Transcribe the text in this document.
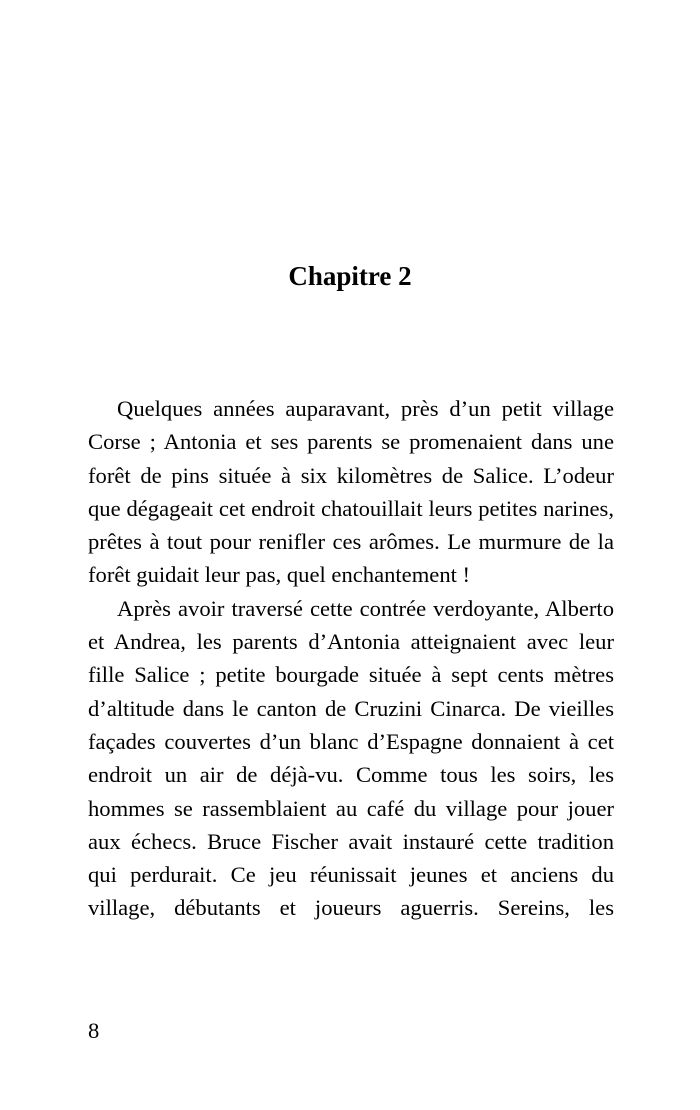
Chapitre 2

Quelques années auparavant, près d’un petit village Corse ; Antonia et ses parents se promenaient dans une forêt de pins située à six kilomètres de Salice. L’odeur que dégageait cet endroit chatouillait leurs petites narines, prêtes à tout pour renifler ces arômes. Le murmure de la forêt guidait leur pas, quel enchantement !

Après avoir traversé cette contrée verdoyante, Alberto et Andrea, les parents d’Antonia atteignaient avec leur fille Salice ; petite bourgade située à sept cents mètres d’altitude dans le canton de Cruzini Cinarca. De vieilles façades couvertes d’un blanc d’Espagne donnaient à cet endroit un air de déjà-vu. Comme tous les soirs, les hommes se rassemblaient au café du village pour jouer aux échecs. Bruce Fischer avait instauré cette tradition qui perdurait. Ce jeu réunissait jeunes et anciens du village, débutants et joueurs aguerris. Sereins, les

8
